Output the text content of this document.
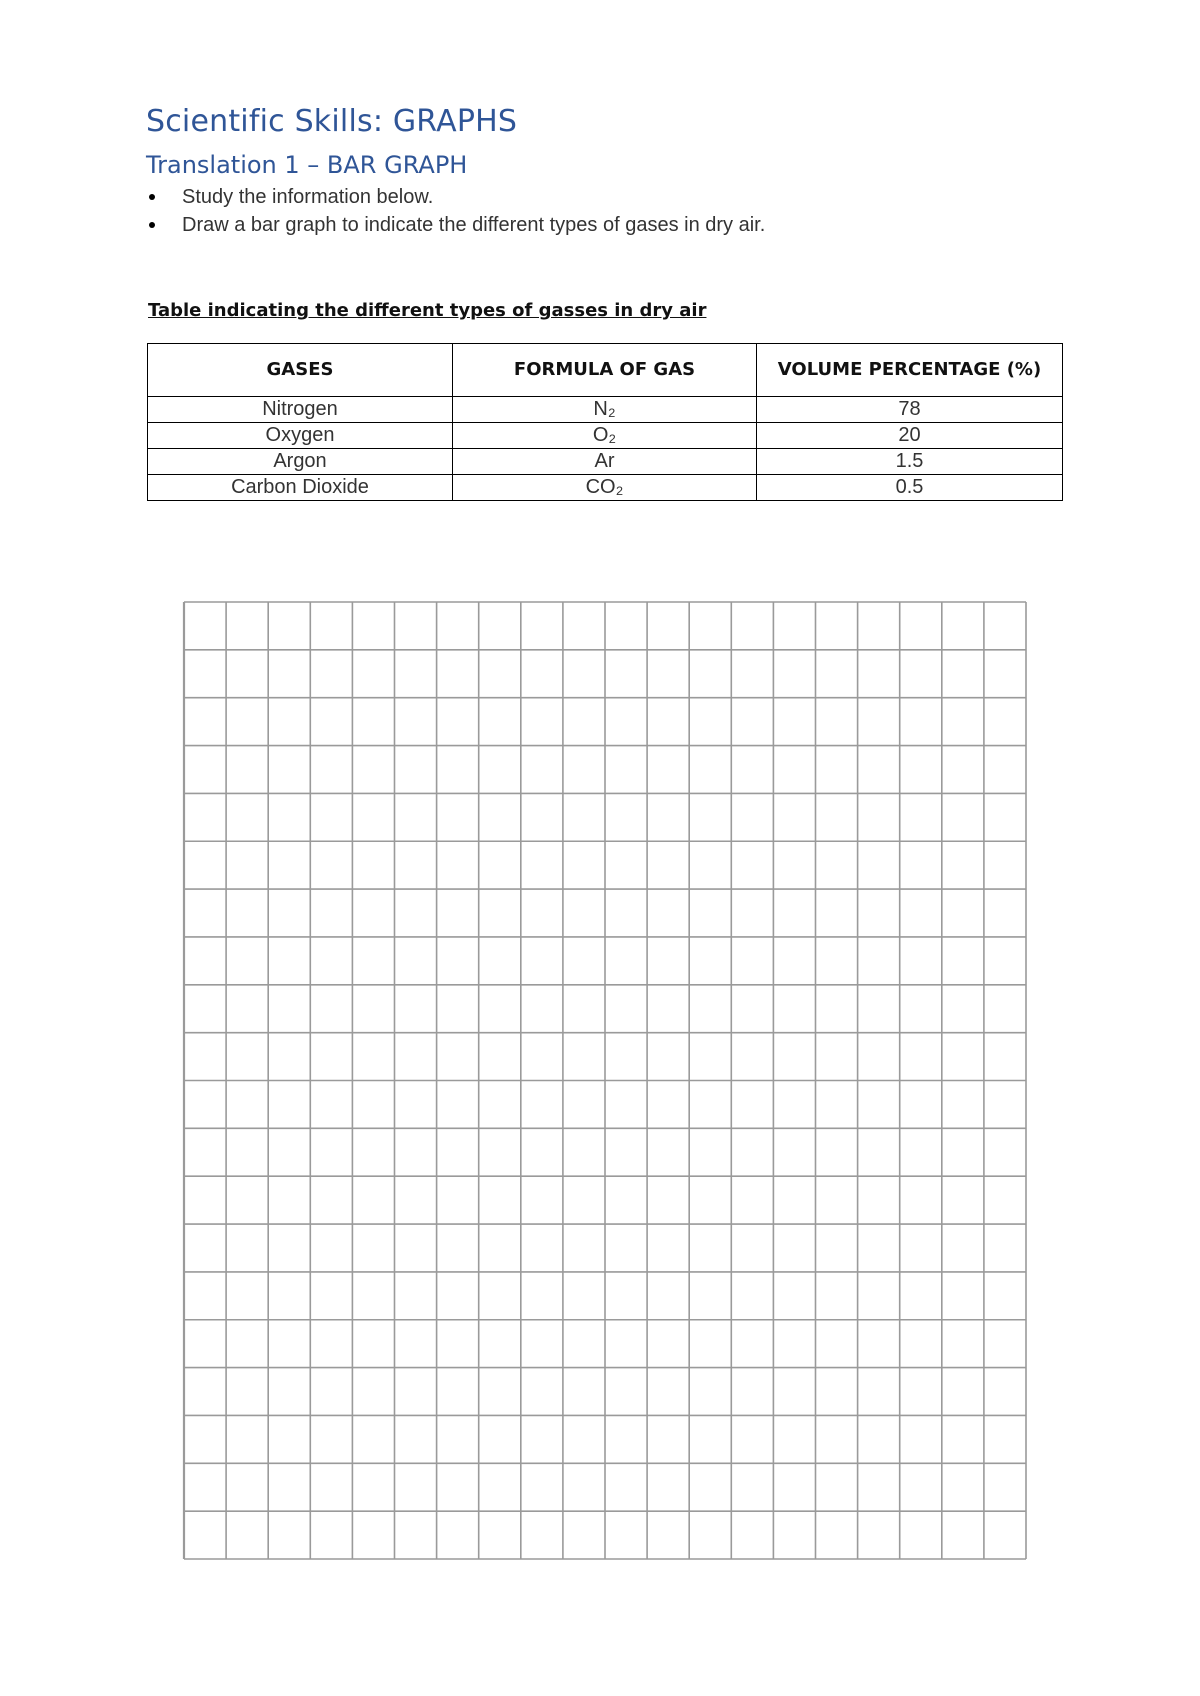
Scientific Skills: GRAPHS
Translation 1 – BAR GRAPH
Study the information below.
Draw a bar graph to indicate the different types of gases in dry air.
Table indicating the different types of gasses in dry air
GASES	FORMULA OF GAS	VOLUME PERCENTAGE (%)
Nitrogen	N₂	78
Oxygen	O₂	20
Argon	Ar	1.5
Carbon Dioxide	CO₂	0.5
